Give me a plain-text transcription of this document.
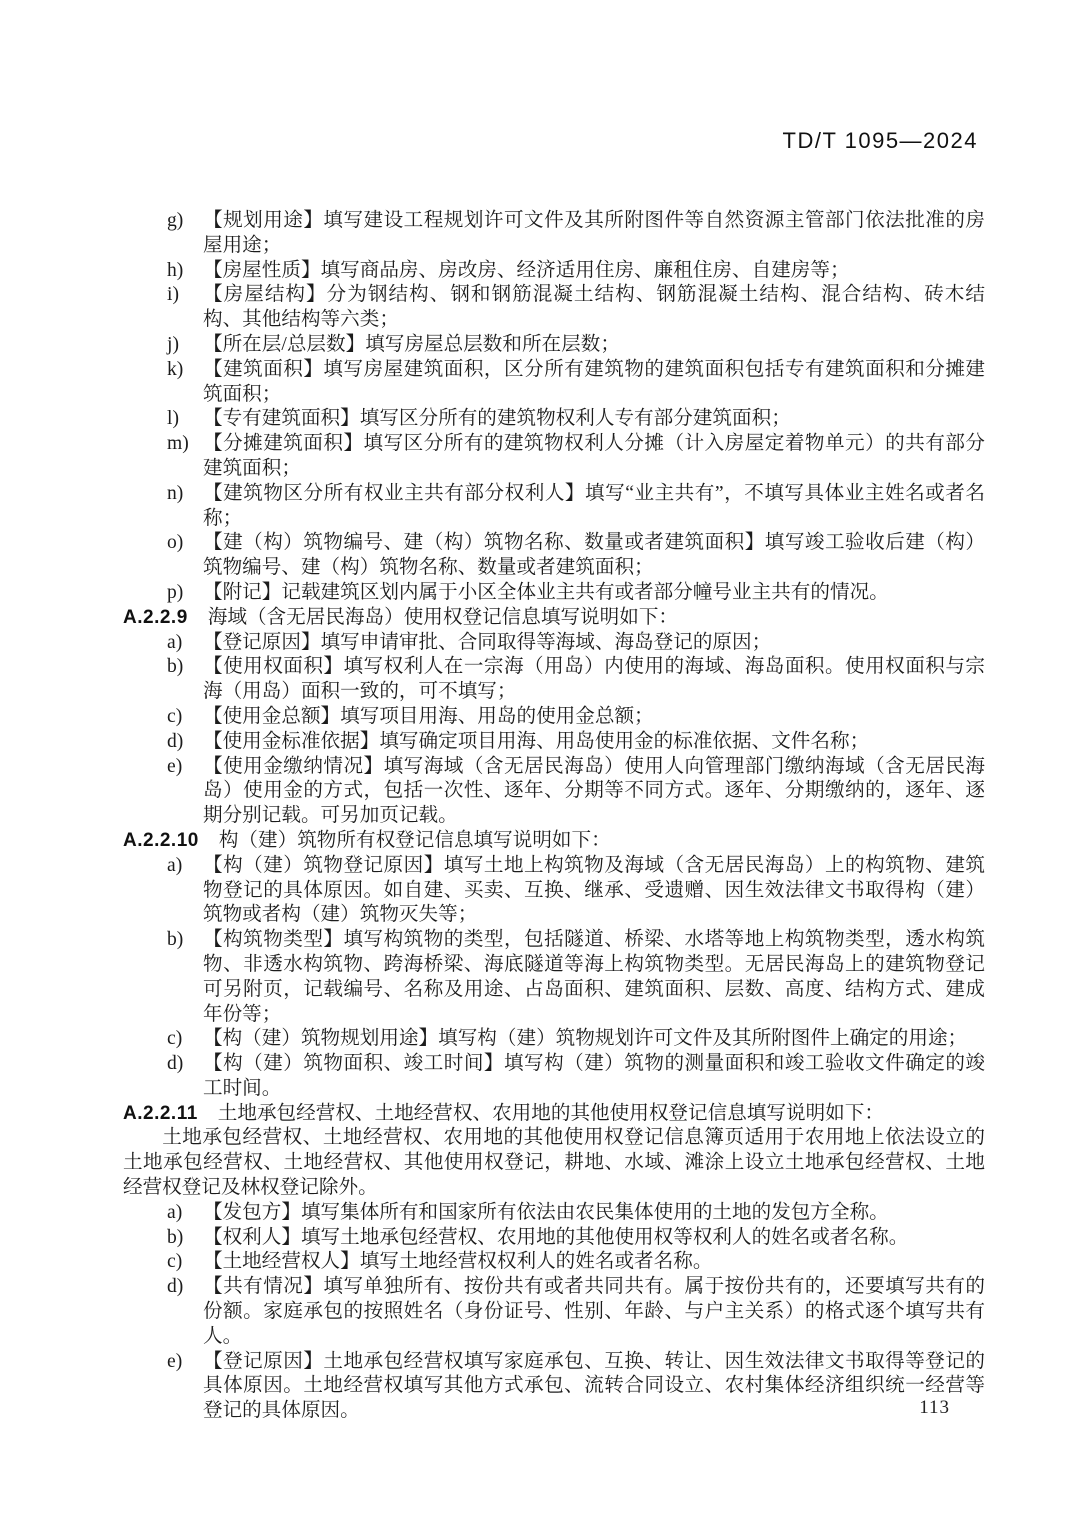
TD/T 1095—2024
g)	【规划用途】填写建设工程规划许可文件及其所附图件等自然资源主管部门依法批准的房屋用途；
h)	【房屋性质】填写商品房、房改房、经济适用住房、廉租住房、自建房等；
i)	【房屋结构】分为钢结构、钢和钢筋混凝土结构、钢筋混凝土结构、混合结构、砖木结构、其他结构等六类；
j)	【所在层/总层数】填写房屋总层数和所在层数；
k)	【建筑面积】填写房屋建筑面积，区分所有建筑物的建筑面积包括专有建筑面积和分摊建筑面积；
l)	【专有建筑面积】填写区分所有的建筑物权利人专有部分建筑面积；
m) 【分摊建筑面积】填写区分所有的建筑物权利人分摊（计入房屋定着物单元）的共有部分建筑面积；
n)	【建筑物区分所有权业主共有部分权利人】填写“业主共有”，不填写具体业主姓名或者名称；
o)	【建（构）筑物编号、建（构）筑物名称、数量或者建筑面积】填写竣工验收后建（构）筑物编号、建（构）筑物名称、数量或者建筑面积；
p)	【附记】记载建筑区划内属于小区全体业主共有或者部分幢号业主共有的情况。
A.2.2.9 海域（含无居民海岛）使用权登记信息填写说明如下：
a)	【登记原因】填写申请审批、合同取得等海域、海岛登记的原因；
b)	【使用权面积】填写权利人在一宗海（用岛）内使用的海域、海岛面积。使用权面积与宗海（用岛）面积一致的，可不填写；
c)	【使用金总额】填写项目用海、用岛的使用金总额；
d)	【使用金标准依据】填写确定项目用海、用岛使用金的标准依据、文件名称；
e)	【使用金缴纳情况】填写海域（含无居民海岛）使用人向管理部门缴纳海域（含无居民海岛）使用金的方式，包括一次性、逐年、分期等不同方式。逐年、分期缴纳的，逐年、逐期分别记载。可另加页记载。
A.2.2.10 构（建）筑物所有权登记信息填写说明如下：
a)	【构（建）筑物登记原因】填写土地上构筑物及海域（含无居民海岛）上的构筑物、建筑物登记的具体原因。如自建、买卖、互换、继承、受遗赠、因生效法律文书取得构（建）筑物或者构（建）筑物灭失等；
b)	【构筑物类型】填写构筑物的类型，包括隧道、桥梁、水塔等地上构筑物类型，透水构筑物、非透水构筑物、跨海桥梁、海底隧道等海上构筑物类型。无居民海岛上的建筑物登记可另附页，记载编号、名称及用途、占岛面积、建筑面积、层数、高度、结构方式、建成年份等；
c)	【构（建）筑物规划用途】填写构（建）筑物规划许可文件及其所附图件上确定的用途；
d)	【构（建）筑物面积、竣工时间】填写构（建）筑物的测量面积和竣工验收文件确定的竣工时间。
A.2.2.11 土地承包经营权、土地经营权、农用地的其他使用权登记信息填写说明如下：

土地承包经营权、土地经营权、农用地的其他使用权登记信息簿页适用于农用地上依法设立的土地承包经营权、土地经营权、其他使用权登记，耕地、水域、滩涂上设立土地承包经营权、土地经营权登记及林权登记除外。

a)	【发包方】填写集体所有和国家所有依法由农民集体使用的土地的发包方全称。
b)	【权利人】填写土地承包经营权、农用地的其他使用权等权利人的姓名或者名称。
c)	【土地经营权人】填写土地经营权权利人的姓名或者名称。
d)	【共有情况】填写单独所有、按份共有或者共同共有。属于按份共有的，还要填写共有的份额。家庭承包的按照姓名（身份证号、性别、年龄、与户主关系）的格式逐个填写共有人。
e)	【登记原因】土地承包经营权填写家庭承包、互换、转让、因生效法律文书取得等登记的具体原因。土地经营权填写其他方式承包、流转合同设立、农村集体经济组织统一经营等登记的具体原因。	113
